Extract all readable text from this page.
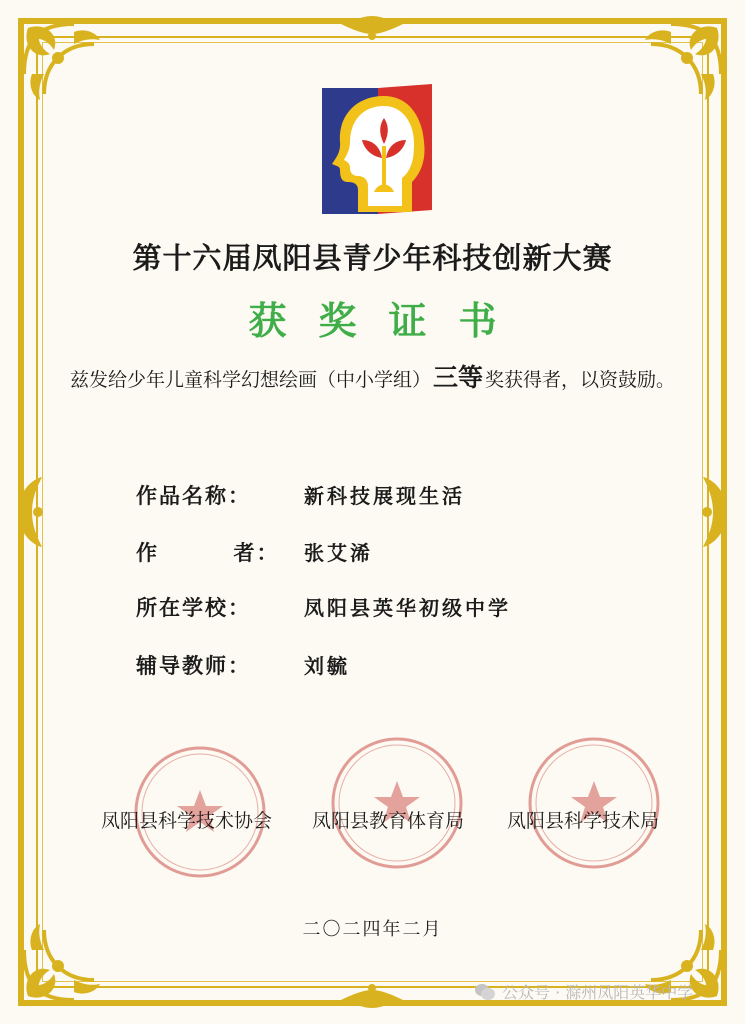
第十六届凤阳县青少年科技创新大赛
获奖证书
兹发给少年儿童科学幻想绘画（中小学组）三等 奖获得者，以资鼓励。
作品名称：	新科技展现生活
作        者： 张艾浠
所在学校：	凤阳县英华初级中学
辅导教师：	刘毓
凤阳县科学技术协会 凤阳县教育体育局 凤阳县科学技术局
二〇二四年二月
公众号 · 滁州凤阳英华中学
